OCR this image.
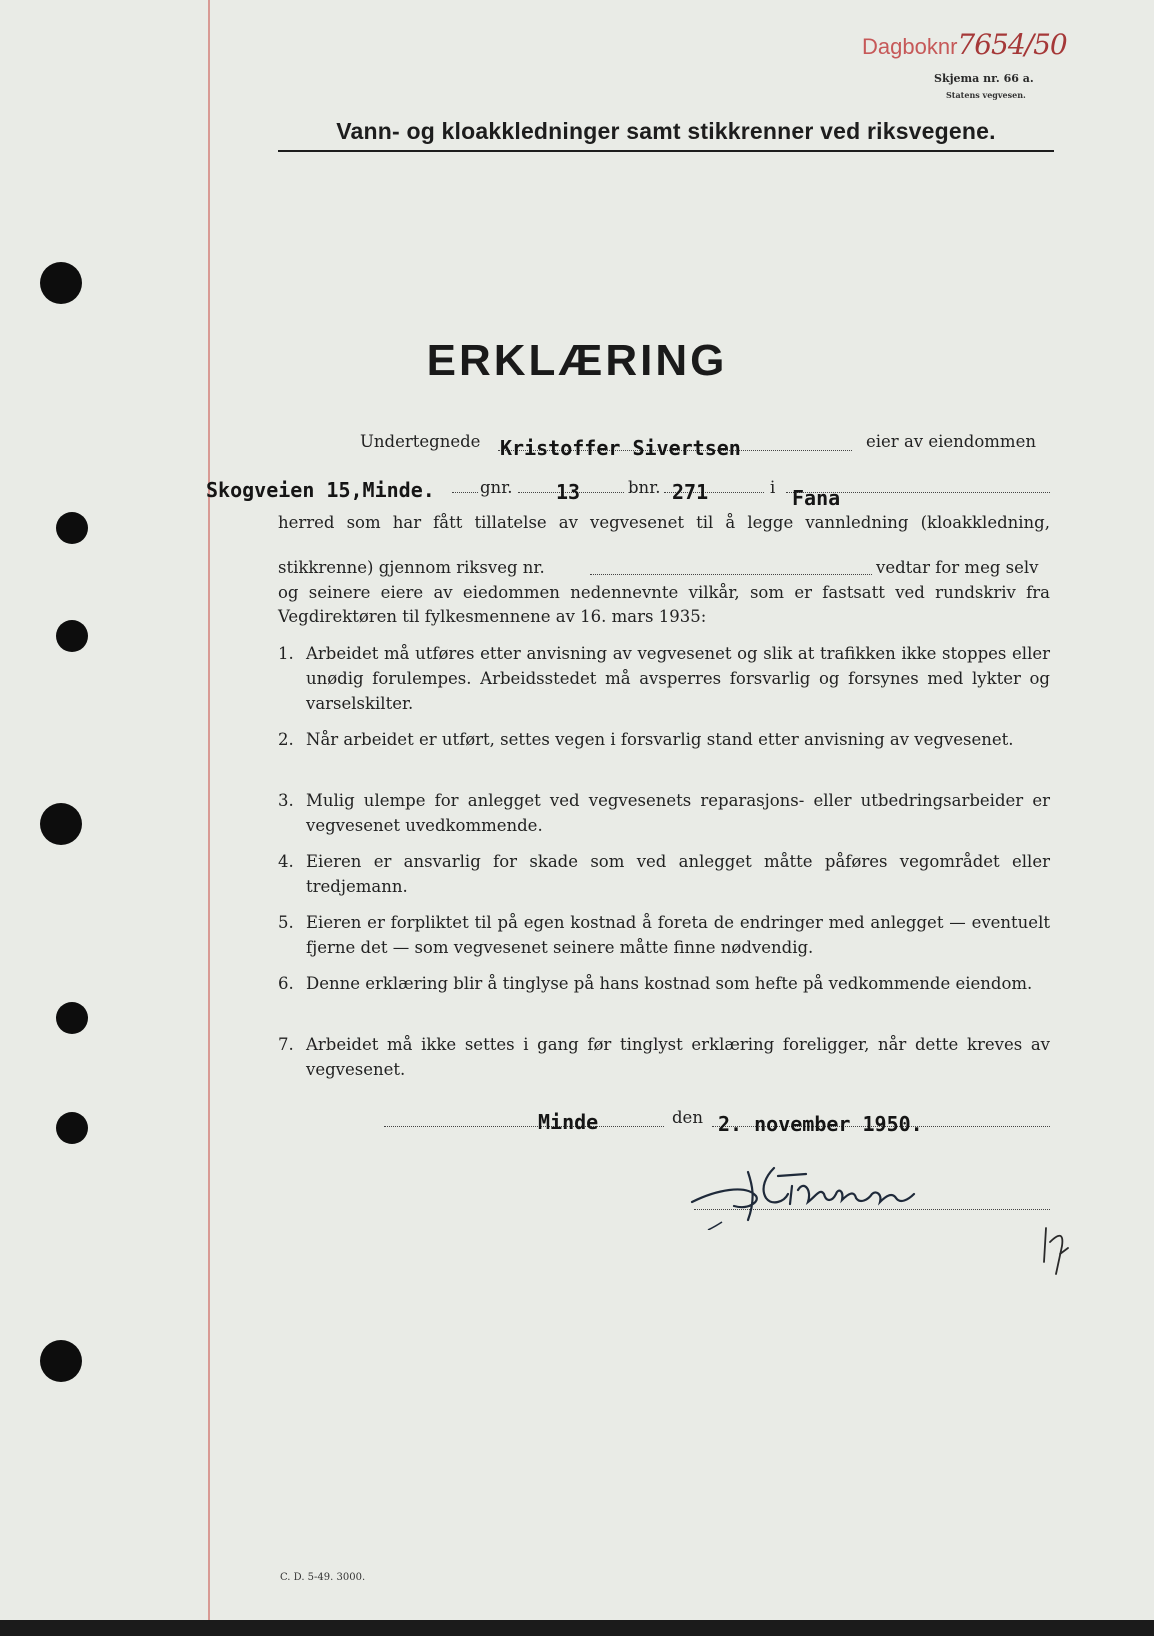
Dagboknr7654/50
Skjema nr. 66 a.
Statens vegvesen.
Vann- og kloakkledninger samt stikkrenner ved riksvegene.
ERKLÆRING
Undertegnede Kristoffer Sivertsen	eier av eiendommen
Skogveien 15,Minde.	gnr. 13	bnr. 271	i Fana
herred som har fått tillatelse av vegvesenet til å legge vannledning (kloakkledning,
stikkrenne) gjennom riksveg nr.	vedtar for meg selv
og seinere eiere av eiedommen nedennevnte vilkår, som er fastsatt ved rundskriv fra
Vegdirektøren til fylkesmennene av 16. mars 1935:
1. Arbeidet må utføres etter anvisning av vegvesenet og slik at trafikken ikke stoppes eller unødig forulempes. Arbeidsstedet må avsperres forsvarlig og forsynes med lykter og varselskilter.
2. Når arbeidet er utført, settes vegen i forsvarlig stand etter anvisning av vegvesenet.
3. Mulig ulempe for anlegget ved vegvesenets reparasjons- eller utbedringsarbeider er vegvesenet uvedkommende.
4. Eieren er ansvarlig for skade som ved anlegget måtte påføres vegområdet eller tredjemann.
5. Eieren er forpliktet til på egen kostnad å foreta de endringer med anlegget — eventuelt fjerne det — som vegvesenet seinere måtte finne nødvendig.
6. Denne erklæring blir å tinglyse på hans kostnad som hefte på vedkommende eiendom.
7. Arbeidet må ikke settes i gang før tinglyst erklæring foreligger, når dette kreves av vegvesenet.
Minde	den 2. november 1950.
C. D. 5-49. 3000.
